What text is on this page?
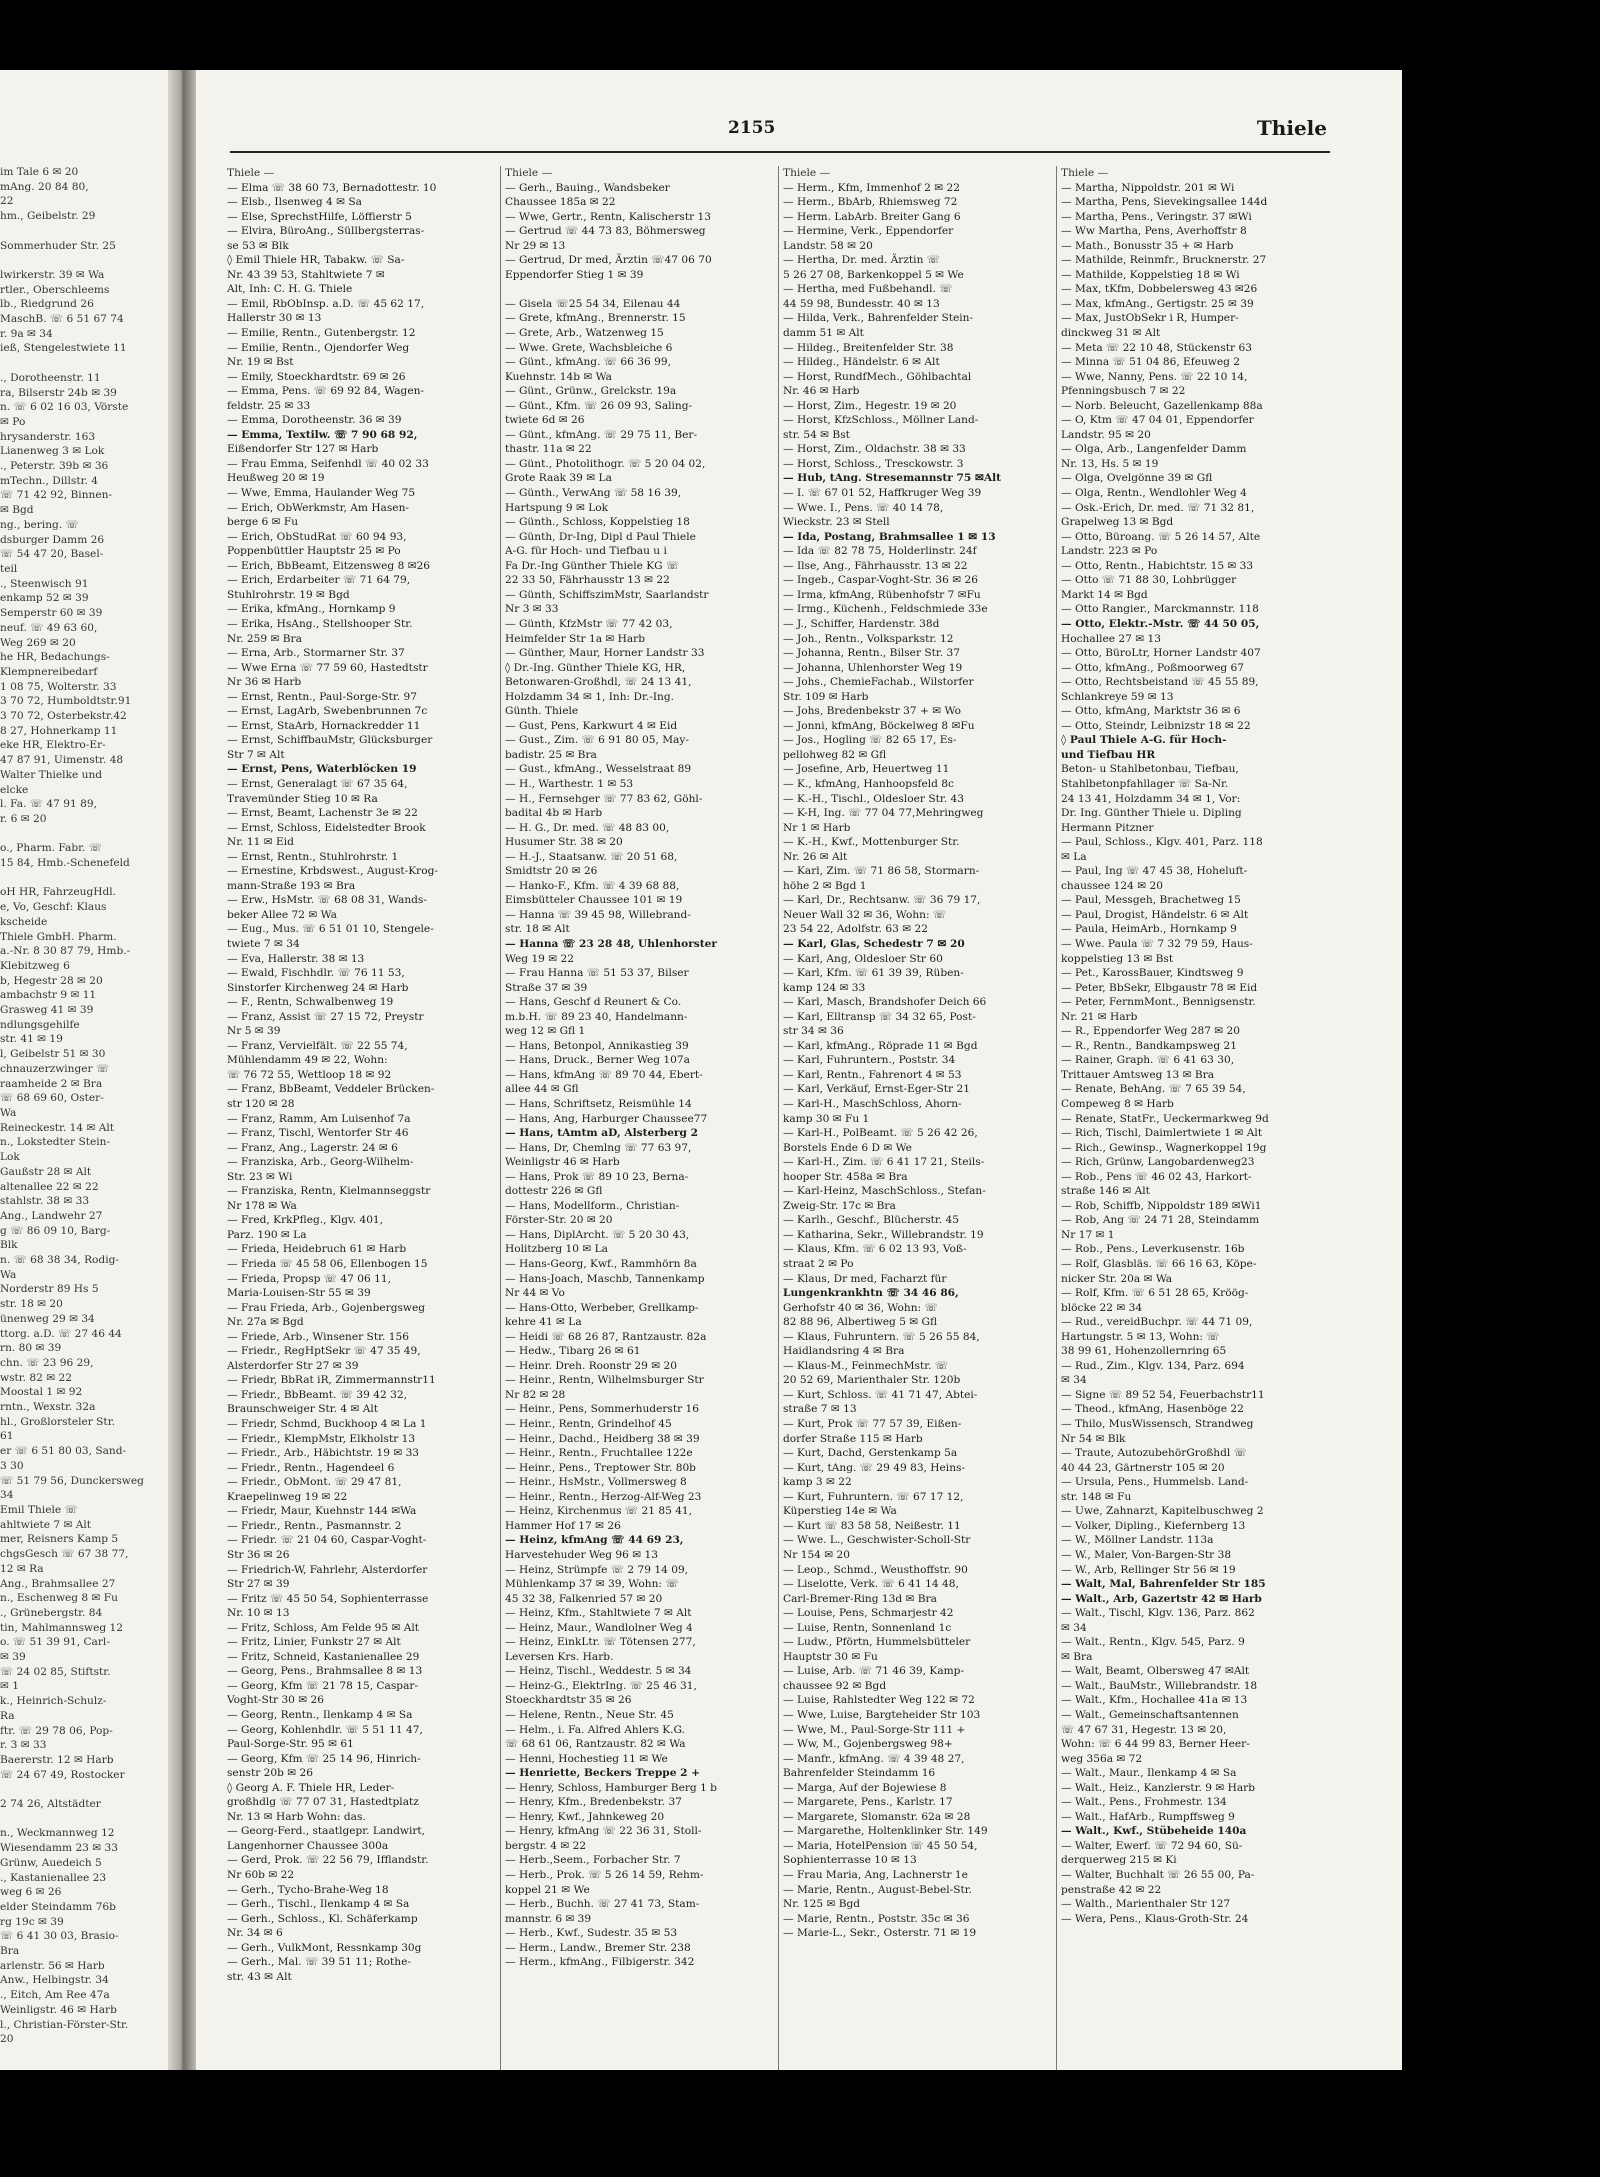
im Tale 6 ✉ 20
mAng. 20 84 80,
22
hm., Geibelstr. 29

Sommerhuder Str. 25

lwirkerstr. 39 ✉ Wa
rtler., Oberschleems
lb., Riedgrund 26
MaschB. ☏ 6 51 67 74
r. 9a ✉ 34
ieß, Stengelestwiete 11

., Dorotheenstr. 11
ra, Bilserstr 24b ✉ 39
n. ☏ 6 02 16 03, Vörste
✉ Po
hrysanderstr. 163
Lianenweg 3 ✉ Lok
., Peterstr. 39b ✉ 36
mTechn., Dillstr. 4
☏ 71 42 92, Binnen-
✉ Bgd
ng., bering. ☏
dsburger Damm 26
☏ 54 47 20, Basel-
teil
., Steenwisch 91
enkamp 52 ✉ 39
Semperstr 60 ✉ 39
neuf. ☏ 49 63 60,
Weg 269 ✉ 20
he HR, Bedachungs-
Klempnereibedarf
1 08 75, Wolterstr. 33
3 70 72, Humboldtstr.91
3 70 72, Osterbekstr.42
8 27, Hohnerkamp 11
eke HR, Elektro-Er-
47 87 91, Uimenstr. 48
Walter Thielke und
elcke
l. Fa. ☏ 47 91 89,
r. 6 ✉ 20

o., Pharm. Fabr. ☏
15 84, Hmb.-Schenefeld

oH HR, FahrzeugHdl.
e, Vo, Geschf: Klaus
kscheide
Thiele GmbH. Pharm.
a.-Nr. 8 30 87 79, Hmb.-
Klebitzweg 6
b, Hegestr 28 ✉ 20
ambachstr 9 ✉ 11
Grasweg 41 ✉ 39
ndlungsgehilfe
str. 41 ✉ 19
l, Geibelstr 51 ✉ 30
chnauzerzwinger ☏
raamheide 2 ✉ Bra
☏ 68 69 60, Oster-
Wa
Reineckestr. 14 ✉ Alt
n., Lokstedter Stein-
Lok
Gaußstr 28 ✉ Alt
altenallee 22 ✉ 22
stahlstr. 38 ✉ 33
Ang., Landwehr 27
g ☏ 86 09 10, Barg-
Blk
n. ☏ 68 38 34, Rodig-
Wa
Norderstr 89 Hs 5
str. 18 ✉ 20
ünenweg 29 ✉ 34
ttorg. a.D. ☏ 27 46 44
rn. 80 ✉ 39
chn. ☏ 23 96 29,
wstr. 82 ✉ 22
Moostal 1 ✉ 92
rntn., Wexstr. 32a
hl., Großlorsteler Str.
61
er ☏ 6 51 80 03, Sand-
3 30
☏ 51 79 56, Dunckersweg
34
Emil Thiele ☏
ahltwiete 7 ✉ Alt
mer, Reisners Kamp 5
chgsGesch ☏ 67 38 77,
12 ✉ Ra
Ang., Brahmsallee 27
n., Eschenweg 8 ✉ Fu
., Grünebergstr. 84
tin, Mahlmannsweg 12
o. ☏ 51 39 91, Carl-
✉ 39
☏ 24 02 85, Stiftstr.
✉ 1
k., Heinrich-Schulz-
Ra
ftr. ☏ 29 78 06, Pop-
r. 3 ✉ 33
Baererstr. 12 ✉ Harb
☏ 24 67 49, Rostocker

2 74 26, Altstädter

n., Weckmannweg 12
Wiesendamm 23 ✉ 33
Grünw, Auedeich 5
., Kastanienallee 23
weg 6 ✉ 26
elder Steindamm 76b
rg 19c ✉ 39
☏ 6 41 30 03, Brasio-
Bra
arlenstr. 56 ✉ Harb
Anw., Helbingstr. 34
., Eitch, Am Ree 47a
Weinligstr. 46 ✉ Harb
l., Christian-Förster-Str.
20
2155	Thiele
Thiele —
— Elma ☏ 38 60 73, Bernadottestr. 10
— Elsb., Ilsenweg 4 ✉ Sa
— Else, SprechstHilfe, Löffierstr 5
— Elvira, BüroAng., Süllbergsterras-
se 53 ✉ Blk
◊ Emil Thiele HR, Tabakw. ☏ Sa-
Nr. 43 39 53, Stahltwiete 7 ✉
Alt, Inh: C. H. G. Thiele
— Emil, RbObInsp. a.D. ☏ 45 62 17,
Hallerstr 30 ✉ 13
— Emilie, Rentn., Gutenbergstr. 12
— Emilie, Rentn., Ojendorfer Weg
Nr. 19 ✉ Bst
— Emily, Stoeckhardtstr. 69 ✉ 26
— Emma, Pens. ☏ 69 92 84, Wagen-
feldstr. 25 ✉ 33
— Emma, Dorotheenstr. 36 ✉ 39
— Emma, Textilw. ☏ 7 90 68 92,
Eißendorfer Str 127 ✉ Harb
— Frau Emma, Seifenhdl ☏ 40 02 33
Heußweg 20 ✉ 19
— Wwe, Emma, Haulander Weg 75
— Erich, ObWerkmstr, Am Hasen-
berge 6 ✉ Fu
— Erich, ObStudRat ☏ 60 94 93,
Poppenbüttler Hauptstr 25 ✉ Po
— Erich, BbBeamt, Eitzensweg 8 ✉26
— Erich, Erdarbeiter ☏ 71 64 79,
Stuhlrohrstr. 19 ✉ Bgd
— Erika, kfmAng., Hornkamp 9
— Erika, HsAng., Stellshooper Str.
Nr. 259 ✉ Bra
— Erna, Arb., Stormarner Str. 37
— Wwe Erna ☏ 77 59 60, Hastedtstr
Nr 36 ✉ Harb
— Ernst, Rentn., Paul-Sorge-Str. 97
— Ernst, LagArb, Swebenbrunnen 7c
— Ernst, StaArb, Hornackredder 11
— Ernst, SchiffbauMstr, Glücksburger
Str 7 ✉ Alt
— Ernst, Pens, Waterblöcken 19
— Ernst, Generalagt ☏ 67 35 64,
Travemünder Stieg 10 ✉ Ra
— Ernst, Beamt, Lachenstr 3e ✉ 22
— Ernst, Schloss, Eidelstedter Brook
Nr. 11 ✉ Eid
— Ernst, Rentn., Stuhlrohrstr. 1
— Ernestine, Krbdswest., August-Krog-
mann-Straße 193 ✉ Bra
— Erw., HsMstr. ☏ 68 08 31, Wands-
beker Allee 72 ✉ Wa
— Eug., Mus. ☏ 6 51 01 10, Stengele-
twiete 7 ✉ 34
— Eva, Hallerstr. 38 ✉ 13
— Ewald, Fischhdlr. ☏ 76 11 53,
Sinstorfer Kirchenweg 24 ✉ Harb
— F., Rentn, Schwalbenweg 19
— Franz, Assist ☏ 27 15 72, Preystr
Nr 5 ✉ 39
— Franz, Vervielfält. ☏ 22 55 74,
Mühlendamm 49 ✉ 22, Wohn:
☏ 76 72 55, Wettloop 18 ✉ 92
— Franz, BbBeamt, Veddeler Brücken-
str 120 ✉ 28
— Franz, Ramm, Am Luisenhof 7a
— Franz, Tischl, Wentorfer Str 46
— Franz, Ang., Lagerstr. 24 ✉ 6
— Franziska, Arb., Georg-Wilhelm-
Str. 23 ✉ Wi
— Franziska, Rentn, Kielmannseggstr
Nr 178 ✉ Wa
— Fred, KrkPfleg., Klgv. 401,
Parz. 190 ✉ La
— Frieda, Heidebruch 61 ✉ Harb
— Frieda ☏ 45 58 06, Ellenbogen 15
— Frieda, Propsp ☏ 47 06 11,
Maria-Louisen-Str 55 ✉ 39
— Frau Frieda, Arb., Gojenbergsweg
Nr. 27a ✉ Bgd
— Friede, Arb., Winsener Str. 156
— Friedr., RegHptSekr ☏ 47 35 49,
Alsterdorfer Str 27 ✉ 39
— Friedr, BbRat iR, Zimmermannstr11
— Friedr., BbBeamt. ☏ 39 42 32,
Braunschweiger Str. 4 ✉ Alt
— Friedr, Schmd, Buckhoop 4 ✉ La 1
— Friedr., KlempMstr, Elkholstr 13
— Friedr., Arb., Häbichtstr. 19 ✉ 33
— Friedr., Rentn., Hagendeel 6
— Friedr., ObMont. ☏ 29 47 81,
Kraepelinweg 19 ✉ 22
— Friedr, Maur, Kuehnstr 144 ✉Wa
— Friedr., Rentn., Pasmannstr. 2
— Friedr. ☏ 21 04 60, Caspar-Voght-
Str 36 ✉ 26
— Friedrich-W, Fahrlehr, Alsterdorfer
Str 27 ✉ 39
— Fritz ☏ 45 50 54, Sophienterrasse
Nr. 10 ✉ 13
— Fritz, Schloss, Am Felde 95 ✉ Alt
— Fritz, Linier, Funkstr 27 ✉ Alt
— Fritz, Schneid, Kastanienallee 29
— Georg, Pens., Brahmsallee 8 ✉ 13
— Georg, Kfm ☏ 21 78 15, Caspar-
Voght-Str 30 ✉ 26
— Georg, Rentn., Ilenkamp 4 ✉ Sa
— Georg, Kohlenhdlr. ☏ 5 51 11 47,
Paul-Sorge-Str. 95 ✉ 61
— Georg, Kfm ☏ 25 14 96, Hinrich-
senstr 20b ✉ 26
◊ Georg A. F. Thiele HR, Leder-
großhdlg ☏ 77 07 31, Hastedtplatz
Nr. 13 ✉ Harb Wohn: das.
— Georg-Ferd., staatlgepr. Landwirt,
Langenhorner Chaussee 300a
— Gerd, Prok. ☏ 22 56 79, Ifflandstr.
Nr 60b ✉ 22
— Gerh., Tycho-Brahe-Weg 18
— Gerh., Tischl., Ilenkamp 4 ✉ Sa
— Gerh., Schloss., Kl. Schäferkamp
Nr. 34 ✉ 6
— Gerh., VulkMont, Ressnkamp 30g
— Gerh., Mal. ☏ 39 51 11; Rothe-
str. 43 ✉ Alt
Thiele —
— Gerh., Bauing., Wandsbeker
Chaussee 185a ✉ 22
— Wwe, Gertr., Rentn, Kalischerstr 13
— Gertrud ☏ 44 73 83, Böhmersweg
Nr 29 ✉ 13
— Gertrud, Dr med, Ärztin ☏47 06 70
Eppendorfer Stieg 1 ✉ 39

— Gisela ☏25 54 34, Eilenau 44
— Grete, kfmAng., Brennerstr. 15
— Grete, Arb., Watzenweg 15
— Wwe. Grete, Wachsbleiche 6
— Günt., kfmAng. ☏ 66 36 99,
Kuehnstr. 14b ✉ Wa
— Günt., Grünw., Grelckstr. 19a
— Günt., Kfm. ☏ 26 09 93, Saling-
twiete 6d ✉ 26
— Günt., kfmAng. ☏ 29 75 11, Ber-
thastr. 11a ✉ 22
— Günt., Photolithogr. ☏ 5 20 04 02,
Grote Raak 39 ✉ La
— Günth., VerwAng ☏ 58 16 39,
Hartspung 9 ✉ Lok
— Günth., Schloss, Koppelstieg 18
— Günth, Dr-Ing, Dipl d Paul Thiele
A-G. für Hoch- und Tiefbau u i
Fa Dr.-Ing Günther Thiele KG ☏
22 33 50, Fährhausstr 13 ✉ 22
— Günth, SchiffszimMstr, Saarlandstr
Nr 3 ✉ 33
— Günth, KfzMstr ☏ 77 42 03,
Heimfelder Str 1a ✉ Harb
— Günther, Maur, Horner Landstr 33
◊ Dr.-Ing. Günther Thiele KG, HR,
Betonwaren-Großhdl, ☏ 24 13 41,
Holzdamm 34 ✉ 1, Inh: Dr.-Ing.
Günth. Thiele
— Gust, Pens, Karkwurt 4 ✉ Eid
— Gust., Zim. ☏ 6 91 80 05, May-
badistr. 25 ✉ Bra
— Gust., kfmAng., Wesselstraat 89
— H., Warthestr. 1 ✉ 53
— H., Fernsehger ☏ 77 83 62, Göhl-
badital 4b ✉ Harb
— H. G., Dr. med. ☏ 48 83 00,
Husumer Str. 38 ✉ 20
— H.-J., Staatsanw. ☏ 20 51 68,
Smidtstr 20 ✉ 26
— Hanko-F., Kfm. ☏ 4 39 68 88,
Eimsbütteler Chaussee 101 ✉ 19
— Hanna ☏ 39 45 98, Willebrand-
str. 18 ✉ Alt
— Hanna ☏ 23 28 48, Uhlenhorster
Weg 19 ✉ 22
— Frau Hanna ☏ 51 53 37, Bilser
Straße 37 ✉ 39
— Hans, Geschf d Reunert & Co.
m.b.H. ☏ 89 23 40, Handelmann-
weg 12 ✉ Gfl 1
— Hans, Betonpol, Annikastieg 39
— Hans, Druck., Berner Weg 107a
— Hans, kfmAng ☏ 89 70 44, Ebert-
allee 44 ✉ Gfl
— Hans, Schriftsetz, Reismühle 14
— Hans, Ang, Harburger Chaussee77
— Hans, tAmtm aD, Alsterberg 2
— Hans, Dr, Chemlng ☏ 77 63 97,
Weinligstr 46 ✉ Harb
— Hans, Prok ☏ 89 10 23, Berna-
dottestr 226 ✉ Gfl
— Hans, Modellform., Christian-
Förster-Str. 20 ✉ 20
— Hans, DiplArcht. ☏ 5 20 30 43,
Holitzberg 10 ✉ La
— Hans-Georg, Kwf., Rammhörn 8a
— Hans-Joach, Maschb, Tannenkamp
Nr 44 ✉ Vo
— Hans-Otto, Werbeber, Grellkamp-
kehre 41 ✉ La
— Heidi ☏ 68 26 87, Rantzaustr. 82a
— Hedw., Tibarg 26 ✉ 61
— Heinr. Dreh. Roonstr 29 ✉ 20
— Heinr., Rentn, Wilhelmsburger Str
Nr 82 ✉ 28
— Heinr., Pens, Sommerhuderstr 16
— Heinr., Rentn, Grindelhof 45
— Heinr., Dachd., Heidberg 38 ✉ 39
— Heinr., Rentn., Fruchtallee 122e
— Heinr., Pens., Treptower Str. 80b
— Heinr., HsMstr., Vollmersweg 8
— Heinr., Rentn., Herzog-Alf-Weg 23
— Heinz, Kirchenmus ☏ 21 85 41,
Hammer Hof 17 ✉ 26
— Heinz, kfmAng ☏ 44 69 23,
Harvestehuder Weg 96 ✉ 13
— Heinz, Strümpfe ☏ 2 79 14 09,
Mühlenkamp 37 ✉ 39, Wohn: ☏
45 32 38, Falkenried 57 ✉ 20
— Heinz, Kfm., Stahltwiete 7 ✉ Alt
— Heinz, Maur., Wandlolner Weg 4
— Heinz, EinkLtr. ☏ Tötensen 277,
Leversen Krs. Harb.
— Heinz, Tischl., Weddestr. 5 ✉ 34
— Heinz-G., ElektrIng. ☏ 25 46 31,
Stoeckhardtstr 35 ✉ 26
— Helene, Rentn., Neue Str. 45
— Helm., i. Fa. Alfred Ahlers K.G.
☏ 68 61 06, Rantzaustr. 82 ✉ Wa
— Henni, Hochestieg 11 ✉ We
— Henriette, Beckers Treppe 2 +
— Henry, Schloss, Hamburger Berg 1 b
— Henry, Kfm., Bredenbekstr. 37
— Henry, Kwf., Jahnkeweg 20
— Henry, kfmAng ☏ 22 36 31, Stoll-
bergstr. 4 ✉ 22
— Herb.,Seem., Forbacher Str. 7
— Herb., Prok. ☏ 5 26 14 59, Rehm-
koppel 21 ✉ We
— Herb., Buchh. ☏ 27 41 73, Stam-
mannstr. 6 ✉ 39
— Herb., Kwf., Sudestr. 35 ✉ 53
— Herm., Landw., Bremer Str. 238
— Herm., kfmAng., Filbigerstr. 342
Thiele —
— Herm., Kfm, Immenhof 2 ✉ 22
— Herm., BbArb, Rhiemsweg 72
— Herm. LabArb. Breiter Gang 6
— Hermine, Verk., Eppendorfer
Landstr. 58 ✉ 20
— Hertha, Dr. med. Ärztin ☏
5 26 27 08, Barkenkoppel 5 ✉ We
— Hertha, med Fußbehandl. ☏
44 59 98, Bundesstr. 40 ✉ 13
— Hilda, Verk., Bahrenfelder Stein-
damm 51 ✉ Alt
— Hildeg., Breitenfelder Str. 38
— Hildeg., Händelstr. 6 ✉ Alt
— Horst, RundfMech., Göhlbachtal
Nr. 46 ✉ Harb
— Horst, Zim., Hegestr. 19 ✉ 20
— Horst, KfzSchloss., Möllner Land-
str. 54 ✉ Bst
— Horst, Zim., Oldachstr. 38 ✉ 33
— Horst, Schloss., Tresckowstr. 3
— Hub, tAng. Stresemannstr 75 ✉Alt
— I. ☏ 67 01 52, Haffkruger Weg 39
— Wwe. I., Pens. ☏ 40 14 78,
Wieckstr. 23 ✉ Stell
— Ida, Postang, Brahmsallee 1 ✉ 13
— Ida ☏ 82 78 75, Holderlinstr. 24f
— Ilse, Ang., Fährhausstr. 13 ✉ 22
— Ingeb., Caspar-Voght-Str. 36 ✉ 26
— Irma, kfmAng, Rübenhofstr 7 ✉Fu
— Irmg., Küchenh., Feldschmiede 33e
— J., Schiffer, Hardenstr. 38d
— Joh., Rentn., Volksparkstr. 12
— Johanna, Rentn., Bilser Str. 37
— Johanna, Uhlenhorster Weg 19
— Johs., ChemieFachab., Wilstorfer
Str. 109 ✉ Harb
— Johs, Bredenbekstr 37 + ✉ Wo
— Jonni, kfmAng, Böckelweg 8 ✉Fu
— Jos., Hogling ☏ 82 65 17, Es-
pellohweg 82 ✉ Gfl
— Josefine, Arb, Heuertweg 11
— K., kfmAng, Hanhoopsfeld 8c
— K.-H., Tischl., Oldesloer Str. 43
— K-H, Ing. ☏ 77 04 77,Mehringweg
Nr 1 ✉ Harb
— K.-H., Kwf., Mottenburger Str.
Nr. 26 ✉ Alt
— Karl, Zim. ☏ 71 86 58, Stormarn-
höhe 2 ✉ Bgd 1
— Karl, Dr., Rechtsanw. ☏ 36 79 17,
Neuer Wall 32 ✉ 36, Wohn: ☏
23 54 22, Adolfstr. 63 ✉ 22
— Karl, Glas, Schedestr 7 ✉ 20
— Karl, Ang, Oldesloer Str 60
— Karl, Kfm. ☏ 61 39 39, Rüben-
kamp 124 ✉ 33
— Karl, Masch, Brandshofer Deich 66
— Karl, Elltransp ☏ 34 32 65, Post-
str 34 ✉ 36
— Karl, kfmAng., Röprade 11 ✉ Bgd
— Karl, Fuhruntern., Poststr. 34
— Karl, Rentn., Fahrenort 4 ✉ 53
— Karl, Verkäuf, Ernst-Eger-Str 21
— Karl-H., MaschSchloss, Ahorn-
kamp 30 ✉ Fu 1
— Karl-H., PolBeamt. ☏ 5 26 42 26,
Borstels Ende 6 D ✉ We
— Karl-H., Zim. ☏ 6 41 17 21, Steils-
hooper Str. 458a ✉ Bra
— Karl-Heinz, MaschSchloss., Stefan-
Zweig-Str. 17c ✉ Bra
— Karlh., Geschf., Blücherstr. 45
— Katharina, Sekr., Willebrandstr. 19
— Klaus, Kfm. ☏ 6 02 13 93, Voß-
straat 2 ✉ Po
— Klaus, Dr med, Facharzt für
Lungenkrankhtn ☏ 34 46 86,
Gerhofstr 40 ✉ 36, Wohn: ☏
82 88 96, Albertiweg 5 ✉ Gfl
— Klaus, Fuhruntern. ☏ 5 26 55 84,
Haidlandsring 4 ✉ Bra
— Klaus-M., FeinmechMstr. ☏
20 52 69, Marienthaler Str. 120b
— Kurt, Schloss. ☏ 41 71 47, Abtei-
straße 7 ✉ 13
— Kurt, Prok ☏ 77 57 39, Eißen-
dorfer Straße 115 ✉ Harb
— Kurt, Dachd, Gerstenkamp 5a
— Kurt, tAng. ☏ 29 49 83, Heins-
kamp 3 ✉ 22
— Kurt, Fuhruntern. ☏ 67 17 12,
Küperstieg 14e ✉ Wa
— Kurt ☏ 83 58 58, Neißestr. 11
— Wwe. L., Geschwister-Scholl-Str
Nr 154 ✉ 20
— Leop., Schmd., Weusthoffstr. 90
— Liselotte, Verk. ☏ 6 41 14 48,
Carl-Bremer-Ring 13d ✉ Bra
— Louise, Pens, Schmarjestr 42
— Luise, Rentn, Sonnenland 1c
— Ludw., Pförtn, Hummelsbütteler
Hauptstr 30 ✉ Fu
— Luise, Arb. ☏ 71 46 39, Kamp-
chaussee 92 ✉ Bgd
— Luise, Rahlstedter Weg 122 ✉ 72
— Wwe, Luise, Bargteheider Str 103
— Wwe, M., Paul-Sorge-Str 111 +
— Ww, M., Gojenbergsweg 98+
— Manfr., kfmAng. ☏ 4 39 48 27,
Bahrenfelder Steindamm 16
— Marga, Auf der Bojewiese 8
— Margarete, Pens., Karlstr. 17
— Margarete, Slomanstr. 62a ✉ 28
— Margarethe, Holtenklinker Str. 149
— Maria, HotelPension ☏ 45 50 54,
Sophienterrasse 10 ✉ 13
— Frau Maria, Ang, Lachnerstr 1e
— Marie, Rentn., August-Bebel-Str.
Nr. 125 ✉ Bgd
— Marie, Rentn., Poststr. 35c ✉ 36
— Marie-L., Sekr., Osterstr. 71 ✉ 19
Thiele —
— Martha, Nippoldstr. 201 ✉ Wi
— Martha, Pens, Sievekingsallee 144d
— Martha, Pens., Veringstr. 37 ✉Wi
— Ww Martha, Pens, Averhoffstr 8
— Math., Bonusstr 35 + ✉ Harb
— Mathilde, Reinmfr., Brucknerstr. 27
— Mathilde, Koppelstieg 18 ✉ Wi
— Max, tKfm, Dobbelersweg 43 ✉26
— Max, kfmAng., Gertigstr. 25 ✉ 39
— Max, JustObSekr i R, Humper-
dinckweg 31 ✉ Alt
— Meta ☏ 22 10 48, Stückenstr 63
— Minna ☏ 51 04 86, Efeuweg 2
— Wwe, Nanny, Pens. ☏ 22 10 14,
Pfenningsbusch 7 ✉ 22
— Norb. Beleucht, Gazellenkamp 88a
— O, Ktm ☏ 47 04 01, Eppendorfer
Landstr. 95 ✉ 20
— Olga, Arb., Langenfelder Damm
Nr. 13, Hs. 5 ✉ 19
— Olga, Ovelgönne 39 ✉ Gfl
— Olga, Rentn., Wendlohler Weg 4
— Osk.-Erich, Dr. med. ☏ 71 32 81,
Grapelweg 13 ✉ Bgd
— Otto, Büroang. ☏ 5 26 14 57, Alte
Landstr. 223 ✉ Po
— Otto, Rentn., Habichtstr. 15 ✉ 33
— Otto ☏ 71 88 30, Lohbrügger
Markt 14 ✉ Bgd
— Otto Rangier., Marckmannstr. 118
— Otto, Elektr.-Mstr. ☏ 44 50 05,
Hochallee 27 ✉ 13
— Otto, BüroLtr, Horner Landstr 407
— Otto, kfmAng., Poßmoorweg 67
— Otto, Rechtsbeistand ☏ 45 55 89,
Schlankreye 59 ✉ 13
— Otto, kfmAng, Marktstr 36 ✉ 6
— Otto, Steindr, Leibnizstr 18 ✉ 22
◊ Paul Thiele A-G. für Hoch-
und Tiefbau HR
Beton- u Stahlbetonbau, Tiefbau,
Stahlbetonpfahllager ☏ Sa-Nr.
24 13 41, Holzdamm 34 ✉ 1, Vor:
Dr. Ing. Günther Thiele u. Dipling
Hermann Pitzner
— Paul, Schloss., Klgv. 401, Parz. 118
✉ La
— Paul, Ing ☏ 47 45 38, Hoheluft-
chaussee 124 ✉ 20
— Paul, Messgeh, Brachetweg 15
— Paul, Drogist, Händelstr. 6 ✉ Alt
— Paula, HeimArb., Hornkamp 9
— Wwe. Paula ☏ 7 32 79 59, Haus-
koppelstieg 13 ✉ Bst
— Pet., KarossBauer, Kindtsweg 9
— Peter, BbSekr, Elbgaustr 78 ✉ Eid
— Peter, FernmMont., Bennigsenstr.
Nr. 21 ✉ Harb
— R., Eppendorfer Weg 287 ✉ 20
— R., Rentn., Bandkampsweg 21
— Rainer, Graph. ☏ 6 41 63 30,
Trittauer Amtsweg 13 ✉ Bra
— Renate, BehAng. ☏ 7 65 39 54,
Compeweg 8 ✉ Harb
— Renate, StatFr., Ueckermarkweg 9d
— Rich, Tischl, Daimlertwiete 1 ✉ Alt
— Rich., Gewinsp., Wagnerkoppel 19g
— Rich, Grünw, Langobardenweg23
— Rob., Pens ☏ 46 02 43, Harkort-
straße 146 ✉ Alt
— Rob, Schiffb, Nippoldstr 189 ✉Wi1
— Rob, Ang ☏ 24 71 28, Steindamm
Nr 17 ✉ 1
— Rob., Pens., Leverkusenstr. 16b
— Rolf, Glasbläs. ☏ 66 16 63, Köpe-
nicker Str. 20a ✉ Wa
— Rolf, Kfm. ☏ 6 51 28 65, Kröög-
blöcke 22 ✉ 34
— Rud., vereidBuchpr. ☏ 44 71 09,
Hartungstr. 5 ✉ 13, Wohn: ☏
38 99 61, Hohenzollernring 65
— Rud., Zim., Klgv. 134, Parz. 694
✉ 34
— Signe ☏ 89 52 54, Feuerbachstr11
— Theod., kfmAng, Hasenböge 22
— Thilo, MusWissensch, Strandweg
Nr 54 ✉ Blk
— Traute, AutozubehörGroßhdl ☏
40 44 23, Gärtnerstr 105 ✉ 20
— Ursula, Pens., Hummelsb. Land-
str. 148 ✉ Fu
— Uwe, Zahnarzt, Kapitelbuschweg 2
— Volker, Dipling., Kiefernberg 13
— W., Möllner Landstr. 113a
— W., Maler, Von-Bargen-Str 38
— W., Arb, Rellinger Str 56 ✉ 19
— Walt, Mal, Bahrenfelder Str 185
— Walt., Arb, Gazertstr 42 ✉ Harb
— Walt., Tischl, Klgv. 136, Parz. 862
✉ 34
— Walt., Rentn., Klgv. 545, Parz. 9
✉ Bra
— Walt, Beamt, Olbersweg 47 ✉Alt
— Walt., BauMstr., Willebrandstr. 18
— Walt., Kfm., Hochallee 41a ✉ 13
— Walt., Gemeinschaftsantennen
☏ 47 67 31, Hegestr. 13 ✉ 20,
Wohn: ☏ 6 44 99 83, Berner Heer-
weg 356a ✉ 72
— Walt., Maur., Ilenkamp 4 ✉ Sa
— Walt., Heiz., Kanzlerstr. 9 ✉ Harb
— Walt., Pens., Frohmestr. 134
— Walt., HafArb., Rumpffsweg 9
— Walt., Kwf., Stübeheide 140a
— Walter, Ewerf. ☏ 72 94 60, Sü-
derquerweg 215 ✉ Ki
— Walter, Buchhalt ☏ 26 55 00, Pa-
penstraße 42 ✉ 22
— Walth., Marienthaler Str 127
— Wera, Pens., Klaus-Groth-Str. 24
